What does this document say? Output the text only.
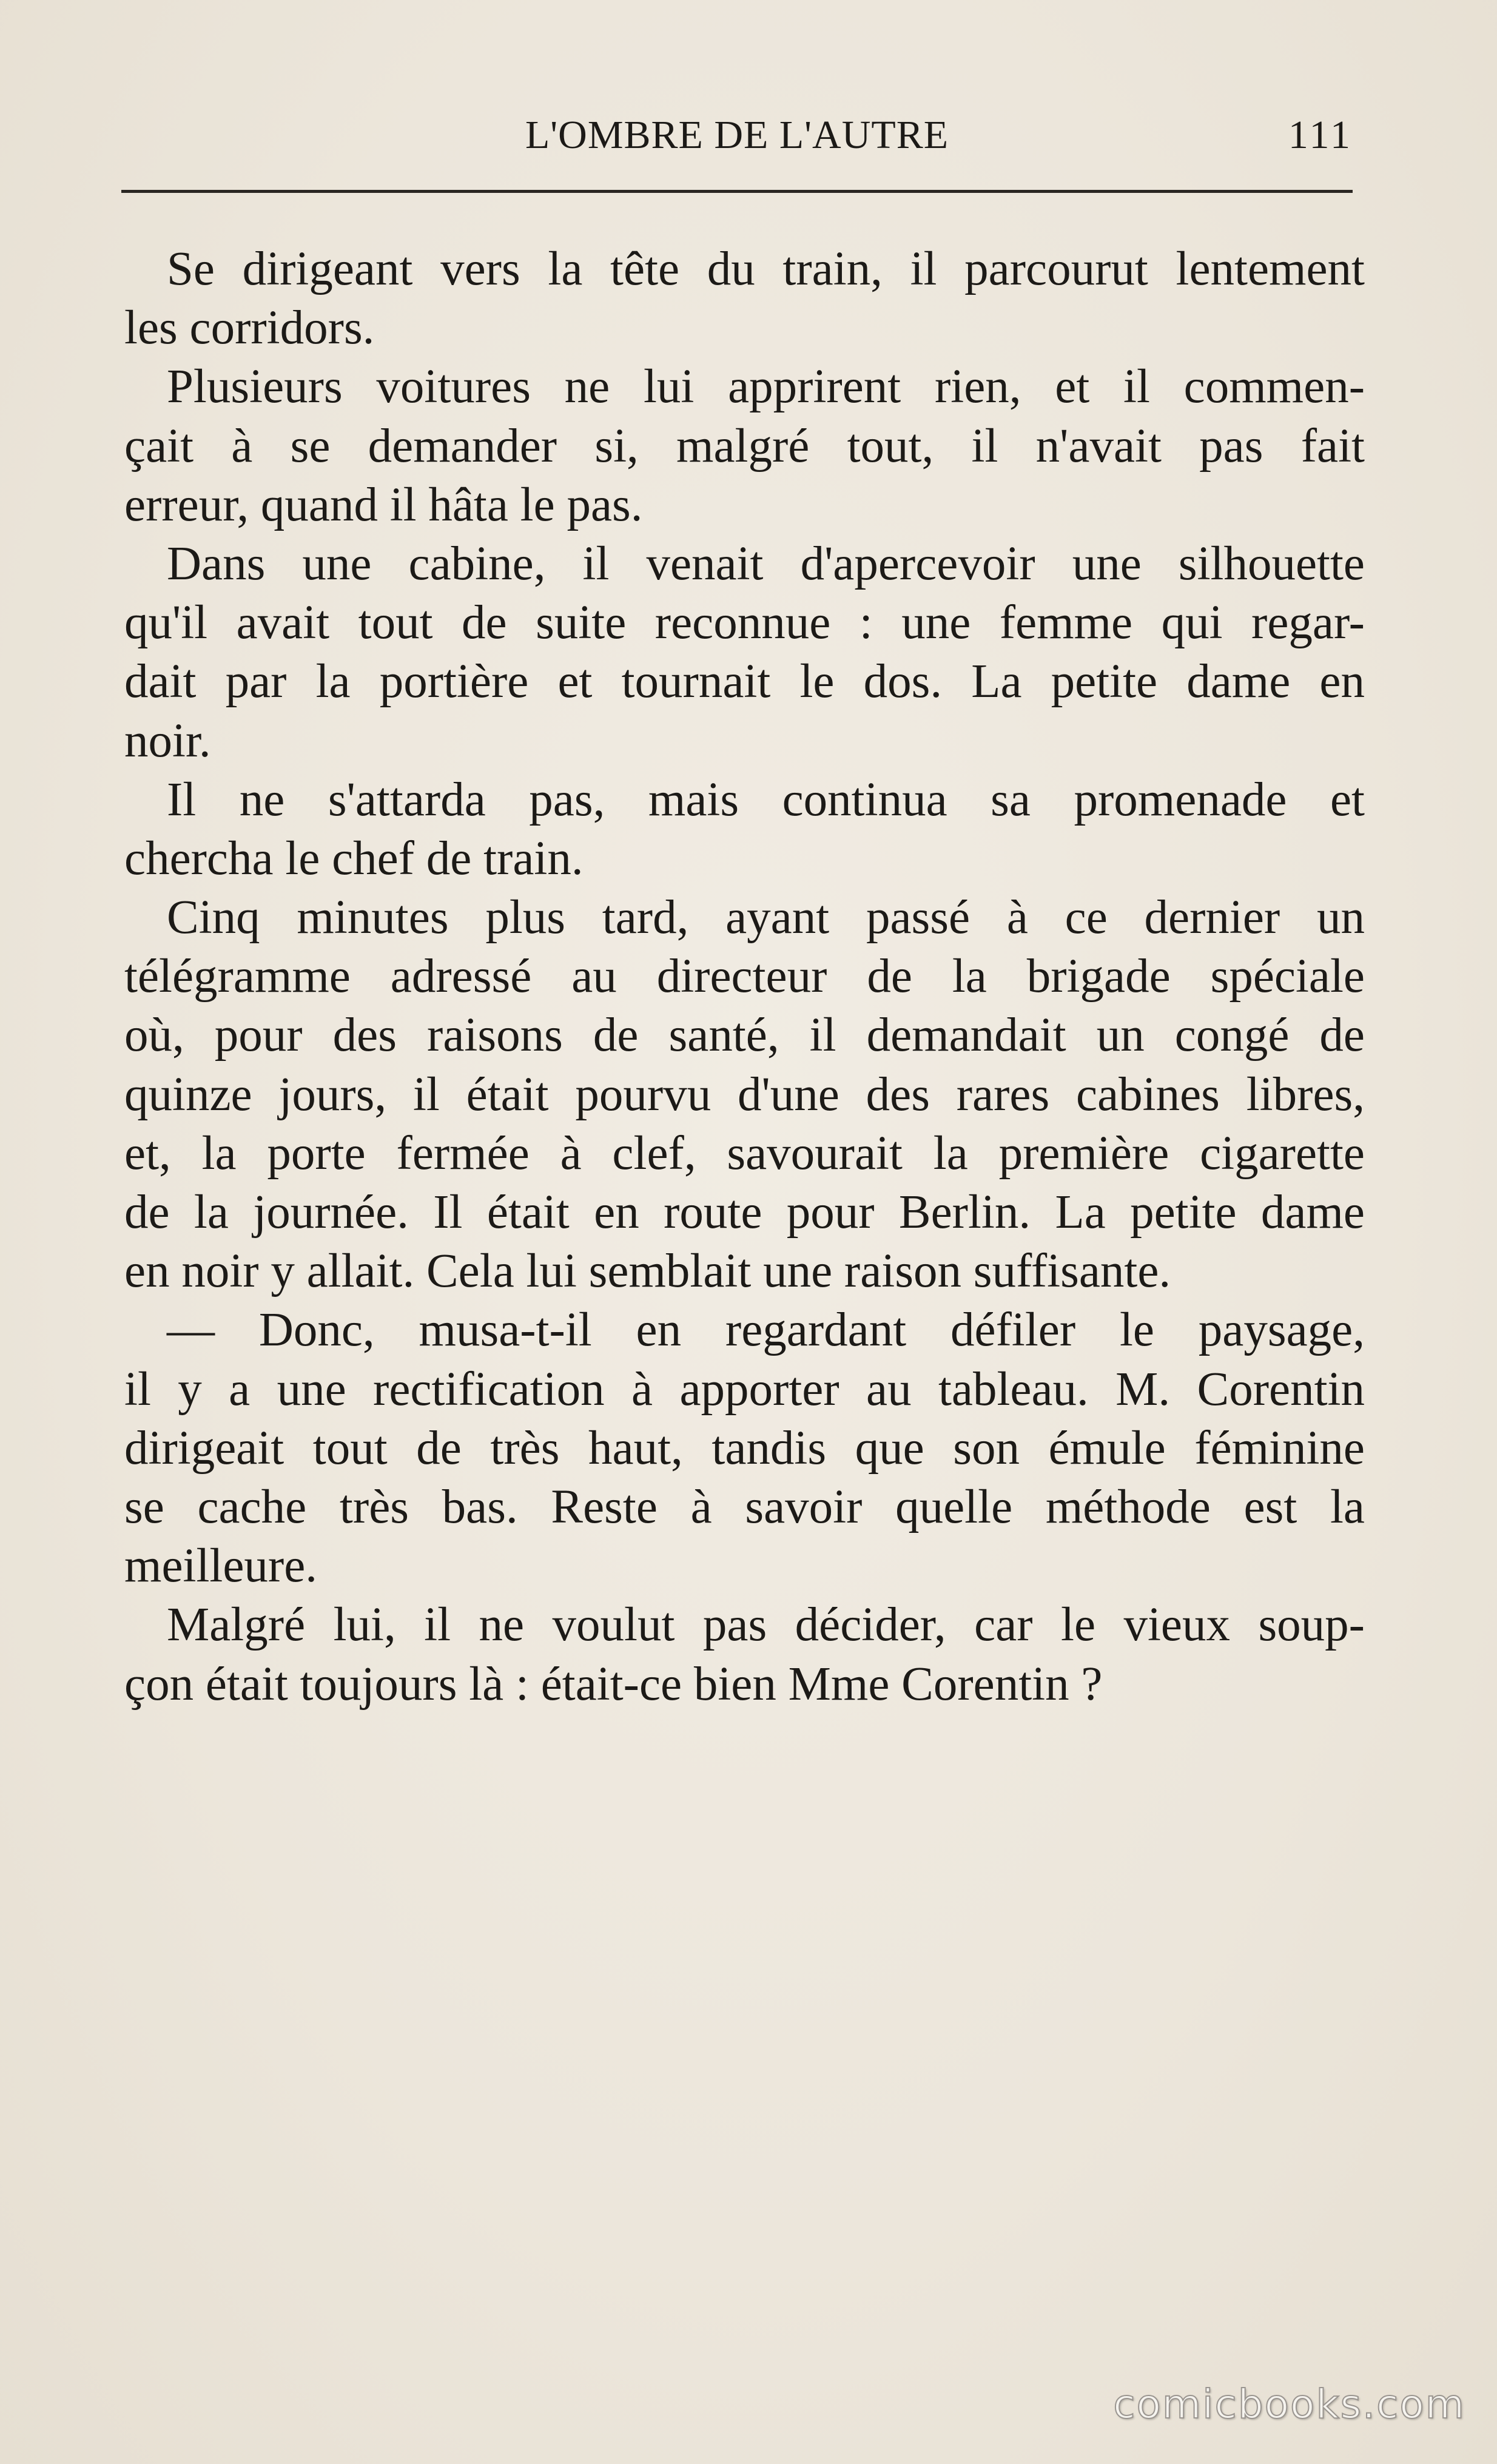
L'OMBRE DE L'AUTRE	111
Se dirigeant vers la tête du train, il parcourut lentement
les corridors.
Plusieurs voitures ne lui apprirent rien, et il commen-
çait à se demander si, malgré tout, il n'avait pas fait
erreur, quand il hâta le pas.
Dans une cabine, il venait d'apercevoir une silhouette
qu'il avait tout de suite reconnue : une femme qui regar-
dait par la portière et tournait le dos. La petite dame en
noir.
Il ne s'attarda pas, mais continua sa promenade et
chercha le chef de train.
Cinq minutes plus tard, ayant passé à ce dernier un
télégramme adressé au directeur de la brigade spéciale
où, pour des raisons de santé, il demandait un congé de
quinze jours, il était pourvu d'une des rares cabines libres,
et, la porte fermée à clef, savourait la première cigarette
de la journée. Il était en route pour Berlin. La petite dame
en noir y allait. Cela lui semblait une raison suffisante.
— Donc, musa-t-il en regardant défiler le paysage,
il y a une rectification à apporter au tableau. M. Corentin
dirigeait tout de très haut, tandis que son émule féminine
se cache très bas. Reste à savoir quelle méthode est la
meilleure.
Malgré lui, il ne voulut pas décider, car le vieux soup-
çon était toujours là : était-ce bien Mme Corentin ?
comicbooks.com
